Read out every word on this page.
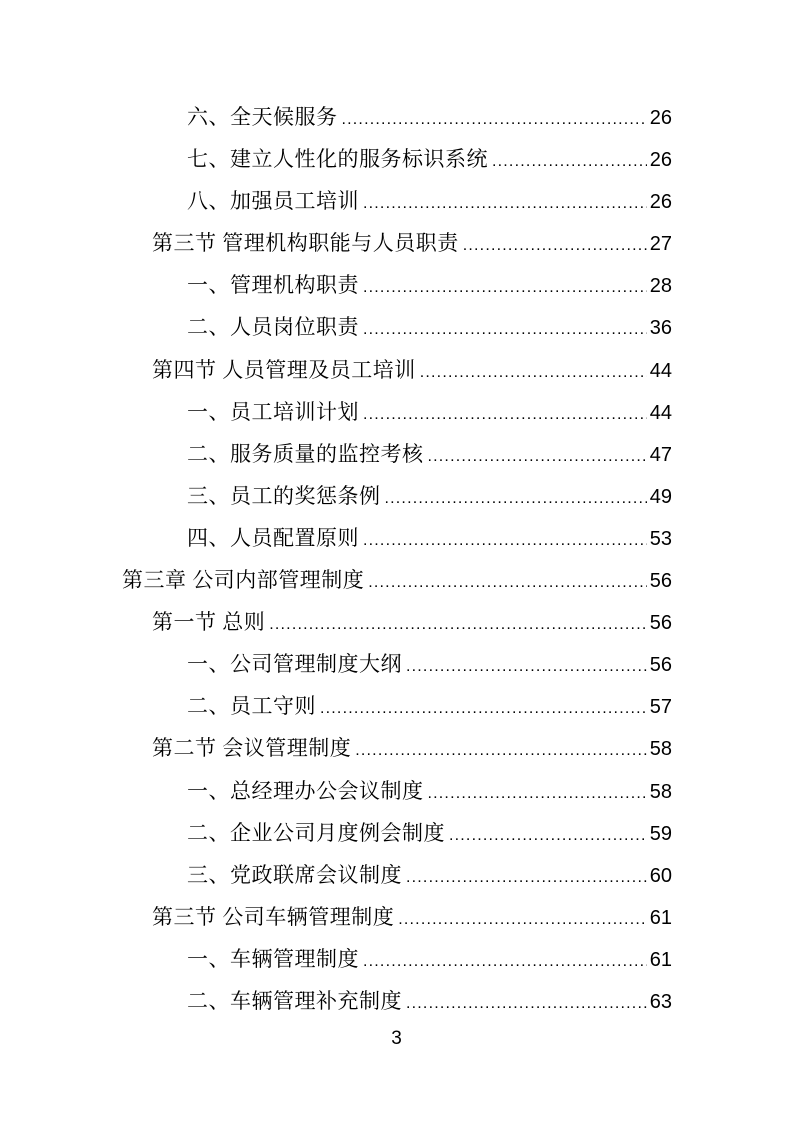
六、全天候服务 .....	26
七、建立人性化的服务标识系统 .....	26
八、加强员工培训 .....	26
第三节 管理机构职能与人员职责 .....	27
一、管理机构职责 .....	28
二、人员岗位职责 .....	36
第四节 人员管理及员工培训 .....	44
一、员工培训计划 .....	44
二、服务质量的监控考核 .....	47
三、员工的奖惩条例 .....	49
四、人员配置原则 .....	53
第三章 公司内部管理制度 .....	56
第一节 总则 .....	56
一、公司管理制度大纲 .....	56
二、员工守则 .....	57
第二节 会议管理制度 .....	58
一、总经理办公会议制度 .....	58
二、企业公司月度例会制度 .....	59
三、党政联席会议制度 .....	60
第三节 公司车辆管理制度 .....	61
一、车辆管理制度 .....	61
二、车辆管理补充制度 .....	63
3
